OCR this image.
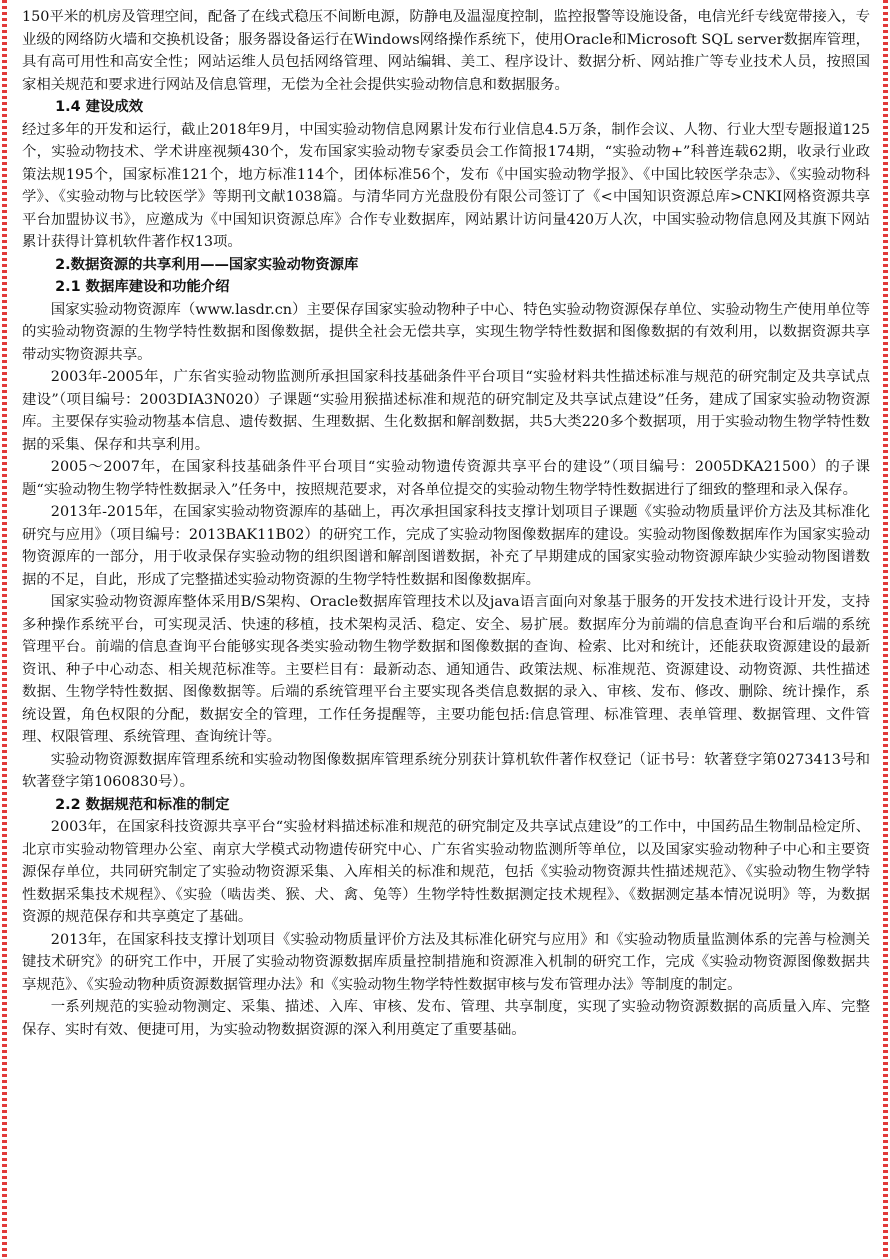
150平米的机房及管理空间，配备了在线式稳压不间断电源，防静电及温湿度控制，监控报警等设施设备，电信光纤专线宽带接入，专业级的网络防火墙和交换机设备；服务器设备运行在Windows网络操作系统下，使用Oracle和Microsoft SQL server数据库管理，具有高可用性和高安全性；网站运维人员包括网络管理、网站编辑、美工、程序设计、数据分析、网站推广等专业技术人员，按照国家相关规范和要求进行网站及信息管理，无偿为全社会提供实验动物信息和数据服务。

1.4 建设成效

经过多年的开发和运行，截止2018年9月，中国实验动物信息网累计发布行业信息4.5万条，制作会议、人物、行业大型专题报道125个，实验动物技术、学术讲座视频430个，发布国家实验动物专家委员会工作简报174期，“实验动物+”科普连载62期，收录行业政策法规195个，国家标准121个，地方标准114个，团体标准56个，发布《中国实验动物学报》、《中国比较医学杂志》、《实验动物科学》、《实验动物与比较医学》等期刊文献1038篇。与清华同方光盘股份有限公司签订了《<中国知识资源总库>CNKI网格资源共享平台加盟协议书》，应邀成为《中国知识资源总库》合作专业数据库，网站累计访问量420万人次，中国实验动物信息网及其旗下网站累计获得计算机软件著作权13项。

2.数据资源的共享利用——国家实验动物资源库
2.1 数据库建设和功能介绍

国家实验动物资源库（www.lasdr.cn）主要保存国家实验动物种子中心、特色实验动物资源保存单位、实验动物生产使用单位等的实验动物资源的生物学特性数据和图像数据，提供全社会无偿共享，实现生物学特性数据和图像数据的有效利用，以数据资源共享带动实物资源共享。

2003年-2005年，广东省实验动物监测所承担国家科技基础条件平台项目“实验材料共性描述标准与规范的研究制定及共享试点建设”（项目编号：2003DIA3N020）子课题“实验用猴描述标准和规范的研究制定及共享试点建设”任务，建成了国家实验动物资源库。主要保存实验动物基本信息、遗传数据、生理数据、生化数据和解剖数据，共5大类220多个数据项，用于实验动物生物学特性数据的采集、保存和共享利用。

2005～2007年，在国家科技基础条件平台项目“实验动物遗传资源共享平台的建设”（项目编号：2005DKA21500）的子课题“实验动物生物学特性数据录入”任务中，按照规范要求，对各单位提交的实验动物生物学特性数据进行了细致的整理和录入保存。

2013年-2015年，在国家实验动物资源库的基础上，再次承担国家科技支撑计划项目子课题《实验动物质量评价方法及其标准化研究与应用》（项目编号：2013BAK11B02）的研究工作，完成了实验动物图像数据库的建设。实验动物图像数据库作为国家实验动物资源库的一部分，用于收录保存实验动物的组织图谱和解剖图谱数据，补充了早期建成的国家实验动物资源库缺少实验动物图谱数据的不足，自此，形成了完整描述实验动物资源的生物学特性数据和图像数据库。

国家实验动物资源库整体采用B/S架构、Oracle数据库管理技术以及java语言面向对象基于服务的开发技术进行设计开发，支持多种操作系统平台，可实现灵活、快速的移植，技术架构灵活、稳定、安全、易扩展。数据库分为前端的信息查询平台和后端的系统管理平台。前端的信息查询平台能够实现各类实验动物生物学数据和图像数据的查询、检索、比对和统计，还能获取资源建设的最新资讯、种子中心动态、相关规范标准等。主要栏目有：最新动态、通知通告、政策法规、标准规范、资源建设、动物资源、共性描述数据、生物学特性数据、图像数据等。后端的系统管理平台主要实现各类信息数据的录入、审核、发布、修改、删除、统计操作，系统设置，角色权限的分配，数据安全的管理，工作任务提醒等，主要功能包括:信息管理、标准管理、表单管理、数据管理、文件管理、权限管理、系统管理、查询统计等。

实验动物资源数据库管理系统和实验动物图像数据库管理系统分别获计算机软件著作权登记（证书号：软著登字第0273413号和软著登字第1060830号）。

2.2 数据规范和标准的制定

2003年，在国家科技资源共享平台“实验材料描述标准和规范的研究制定及共享试点建设”的工作中，中国药品生物制品检定所、北京市实验动物管理办公室、南京大学模式动物遗传研究中心、广东省实验动物监测所等单位，以及国家实验动物种子中心和主要资源保存单位，共同研究制定了实验动物资源采集、入库相关的标准和规范，包括《实验动物资源共性描述规范》、《实验动物生物学特性数据采集技术规程》、《实验（啮齿类、猴、犬、禽、兔等）生物学特性数据测定技术规程》、《数据测定基本情况说明》等，为数据资源的规范保存和共享奠定了基础。

2013年，在国家科技支撑计划项目《实验动物质量评价方法及其标准化研究与应用》和《实验动物质量监测体系的完善与检测关键技术研究》的研究工作中，开展了实验动物资源数据库质量控制措施和资源准入机制的研究工作，完成《实验动物资源图像数据共享规范》、《实验动物种质资源数据管理办法》和《实验动物生物学特性数据审核与发布管理办法》等制度的制定。

一系列规范的实验动物测定、采集、描述、入库、审核、发布、管理、共享制度，实现了实验动物资源数据的高质量入库、完整保存、实时有效、便捷可用，为实验动物数据资源的深入利用奠定了重要基础。
